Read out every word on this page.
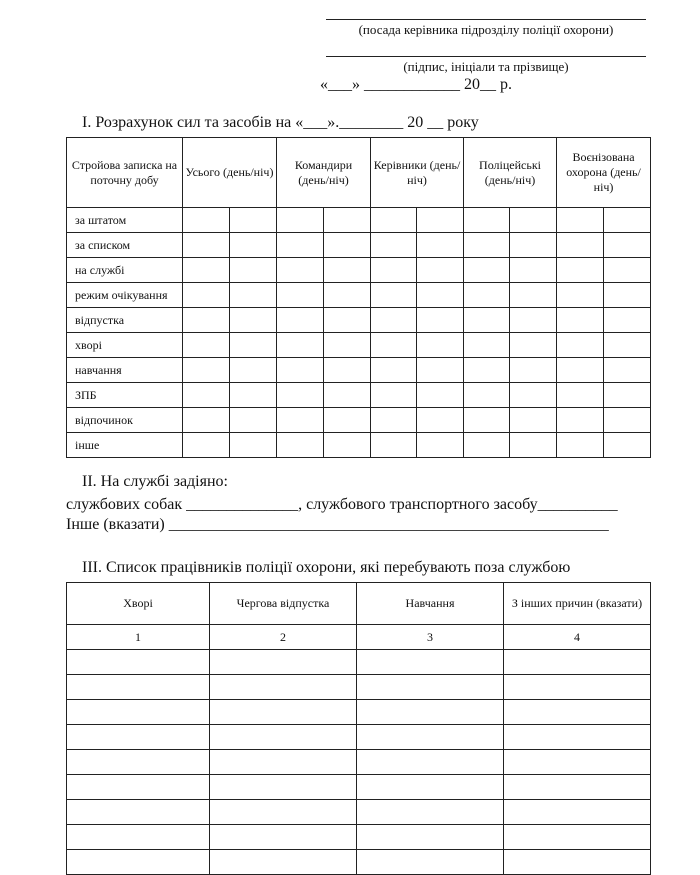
(посада керівника підрозділу поліції охорони)
(підпис, ініціали та прізвище)
«___» ____________ 20__ р.
І. Розрахунок сил та засобів на «___».________ 20 __ року
Стройова записка на поточну добу	Усього (день/ніч)		Командири (день/ніч)		Керівники (день/ніч)		Поліцейські (день/ніч)		Воєнізована охорона (день/ніч)	
за штатом										
за списком										
на службі										
режим очікування										
відпустка										
хворі										
навчання										
ЗПБ										
відпочинок										
інше										
ІІ. На службі задіяно:
службових собак ______________, службового транспортного засобу__________
Інше (вказати) _______________________________________________________
ІІІ. Список працівників поліції охорони, які перебувають поза службою
Хворі	Чергова відпустка	Навчання	З інших причин (вказати)
1	2	3	4
